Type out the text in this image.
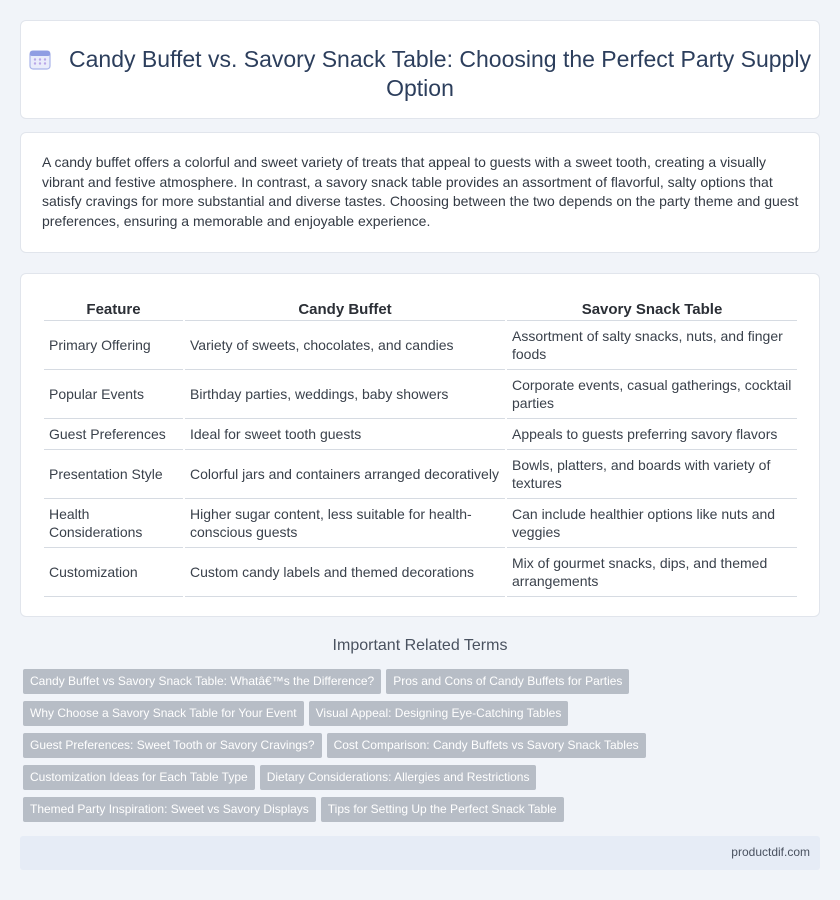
Candy Buffet vs. Savory Snack Table: Choosing the Perfect Party Supply Option

A candy buffet offers a colorful and sweet variety of treats that appeal to guests with a sweet tooth, creating a visually vibrant and festive atmosphere. In contrast, a savory snack table provides an assortment of flavorful, salty options that satisfy cravings for more substantial and diverse tastes. Choosing between the two depends on the party theme and guest preferences, ensuring a memorable and enjoyable experience.

Feature	Candy Buffet	Savory Snack Table
Primary Offering	Variety of sweets, chocolates, and candies	Assortment of salty snacks, nuts, and finger foods
Popular Events	Birthday parties, weddings, baby showers	Corporate events, casual gatherings, cocktail parties
Guest Preferences	Ideal for sweet tooth guests	Appeals to guests preferring savory flavors
Presentation Style	Colorful jars and containers arranged decoratively	Bowls, platters, and boards with variety of textures
Health Considerations	Higher sugar content, less suitable for health-conscious guests	Can include healthier options like nuts and veggies
Customization	Custom candy labels and themed decorations	Mix of gourmet snacks, dips, and themed arrangements
Important Related Terms
Candy Buffet vs Savory Snack Table: Whatâ€™s the Difference? Pros and Cons of Candy Buffets for Parties
Why Choose a Savory Snack Table for Your Event Visual Appeal: Designing Eye-Catching Tables
Guest Preferences: Sweet Tooth or Savory Cravings? Cost Comparison: Candy Buffets vs Savory Snack Tables
Customization Ideas for Each Table Type Dietary Considerations: Allergies and Restrictions
Themed Party Inspiration: Sweet vs Savory Displays Tips for Setting Up the Perfect Snack Table
productdif.com
